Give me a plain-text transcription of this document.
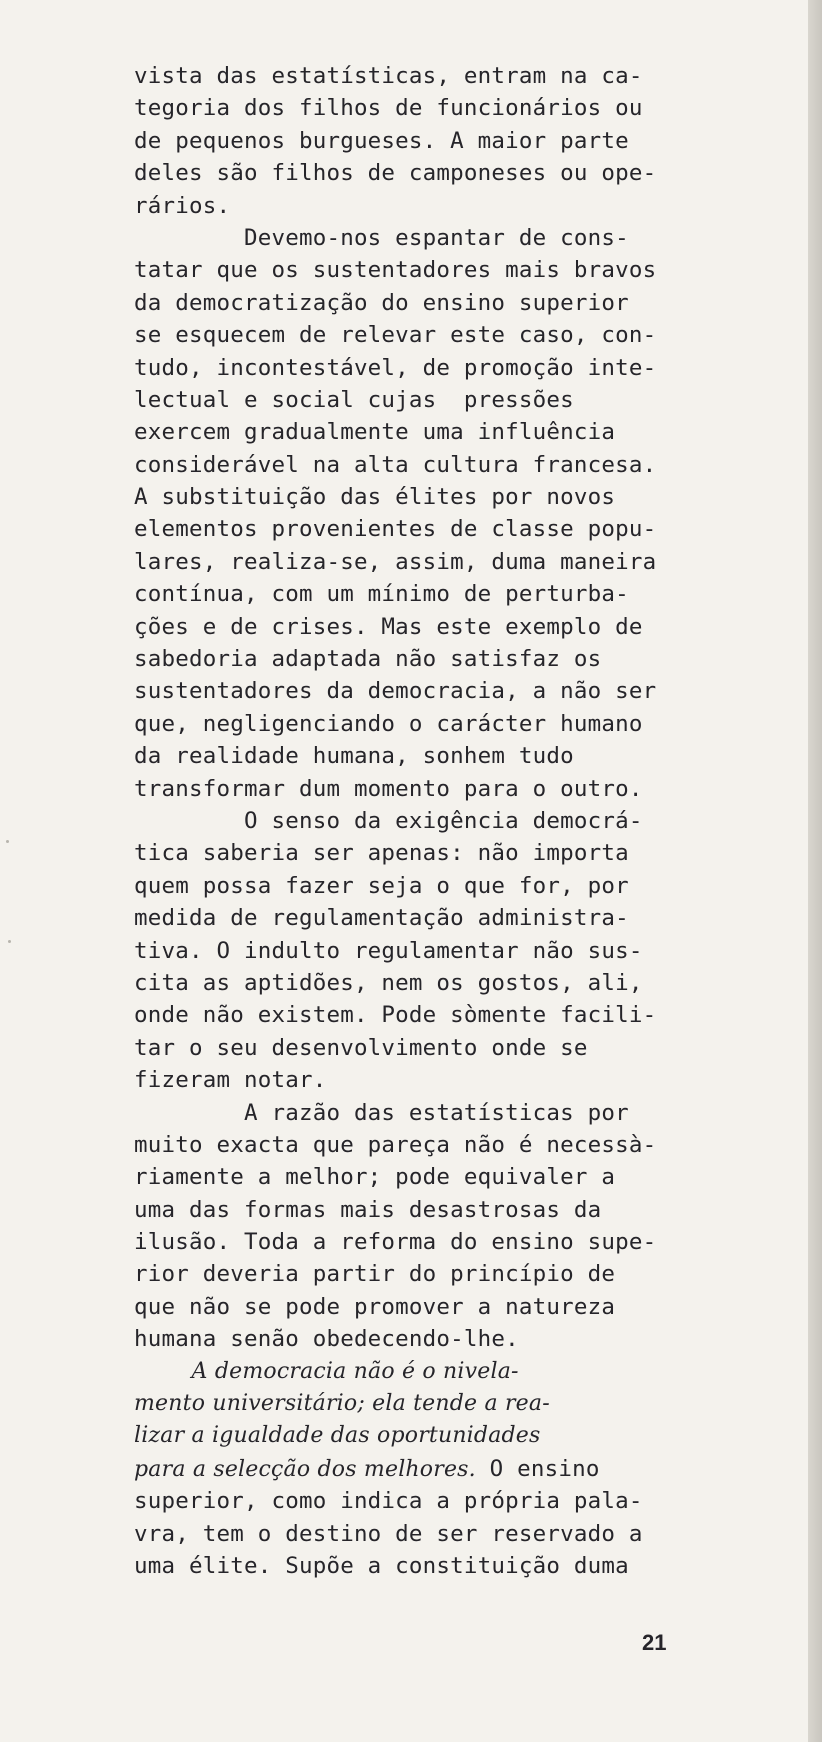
vista das estatísticas, entram na ca-
tegoria dos filhos de funcionários ou
de pequenos burgueses. A maior parte
deles são filhos de camponeses ou ope-
rários.
Devemo-nos espantar de cons-
tatar que os sustentadores mais bravos
da democratização do ensino superior
se esquecem de relevar este caso, con-
tudo, incontestável, de promoção inte-
lectual e social cujas  pressões
exercem gradualmente uma influência
considerável na alta cultura francesa.
A substituição das élites por novos
elementos provenientes de classe popu-
lares, realiza-se, assim, duma maneira
contínua, com um mínimo de perturba-
ções e de crises. Mas este exemplo de
sabedoria adaptada não satisfaz os
sustentadores da democracia, a não ser
que, negligenciando o carácter humano
da realidade humana, sonhem tudo
transformar dum momento para o outro.
O senso da exigência democrá-
tica saberia ser apenas: não importa
quem possa fazer seja o que for, por
medida de regulamentação administra-
tiva. O indulto regulamentar não sus-
cita as aptidões, nem os gostos, ali,
onde não existem. Pode sòmente facili-
tar o seu desenvolvimento onde se
fizeram notar.
A razão das estatísticas por
muito exacta que pareça não é necessà-
riamente a melhor; pode equivaler a
uma das formas mais desastrosas da
ilusão. Toda a reforma do ensino supe-
rior deveria partir do princípio de
que não se pode promover a natureza
humana senão obedecendo-lhe.
A democracia não é o nivela-
mento universitário; ela tende a rea-
lizar a igualdade das oportunidades
para a selecção dos melhores. O ensino
superior, como indica a própria pala-
vra, tem o destino de ser reservado a
uma élite. Supõe a constituição duma
21
